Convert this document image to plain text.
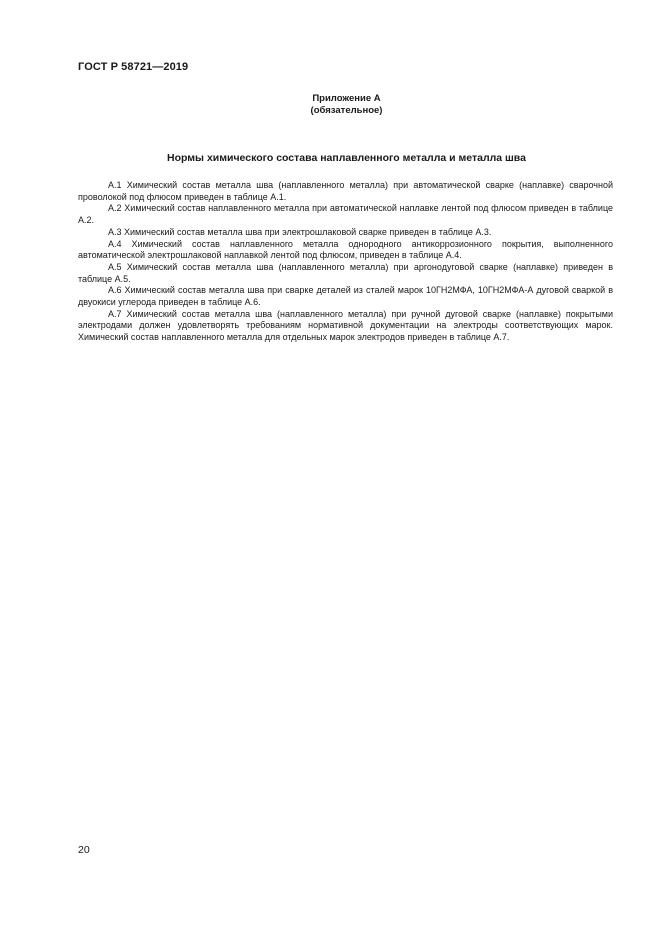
ГОСТ Р 58721—2019
Приложение А
(обязательное)
Нормы химического состава наплавленного металла и металла шва

А.1 Химический состав металла шва (наплавленного металла) при автоматической сварке (наплавке) сварочной проволокой под флюсом приведен в таблице А.1.

А.2 Химический состав наплавленного металла при автоматической наплавке лентой под флюсом приведен в таблице А.2.

А.3 Химический состав металла шва при электрошлаковой сварке приведен в таблице А.3.

А.4 Химический состав наплавленного металла однородного антикоррозионного покрытия, выполненного автоматической электрошлаковой наплавкой лентой под флюсом, приведен в таблице А.4.

А.5 Химический состав металла шва (наплавленного металла) при аргонодуговой сварке (наплавке) приведен в таблице А.5.

А.6 Химический состав металла шва при сварке деталей из сталей марок 10ГН2МФА, 10ГН2МФА-А дуговой сваркой в двуокиси углерода приведен в таблице А.6.

А.7 Химический состав металла шва (наплавленного металла) при ручной дуговой сварке (наплавке) покрытыми электродами должен удовлетворять требованиям нормативной документации на электроды соответствующих марок. Химический состав наплавленного металла для отдельных марок электродов приведен в таблице А.7.

20
